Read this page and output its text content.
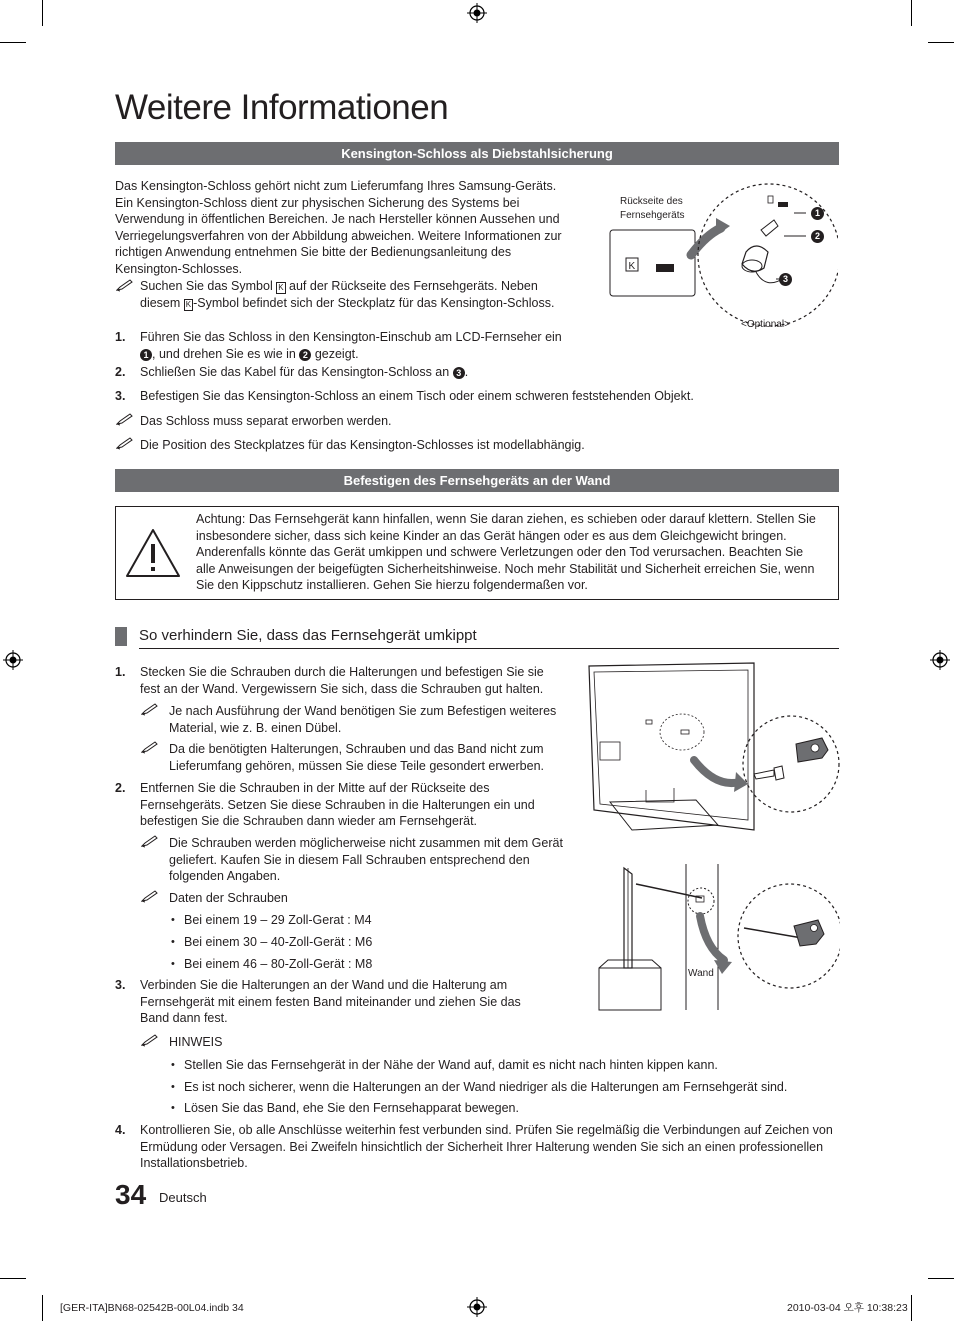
Weitere Informationen
Kensington-Schloss als Diebstahlsicherung

Das Kensington-Schloss gehört nicht zum Lieferumfang Ihres Samsung-Geräts. Ein Kensington-Schloss dient zur physischen Sicherung des Systems bei Verwendung in öffentlichen Bereichen. Je nach Hersteller können Aussehen und Verriegelungsverfahren von der Abbildung abweichen. Weitere Informationen zur richtigen Anwendung entnehmen Sie bitte der Bedienungsanleitung des Kensington-Schlosses.

Suchen Sie das Symbol K auf der Rückseite des Fernsehgeräts. Neben diesem K -Symbol befindet sich der Steckplatz für das Kensington-Schloss.

1. Führen Sie das Schloss in den Kensington-Einschub am LCD-Fernseher ein 1 , und drehen Sie es wie in 2 gezeigt.

2. Schließen Sie das Kabel für das Kensington-Schloss an 3 .

3. Befestigen Sie das Kensington-Schloss an einem Tisch oder einem schweren feststehenden Objekt.

Das Schloss muss separat erworben werden.

Die Position des Steckplatzes für das Kensington-Schlosses ist modellabhängig.

Rückseite des
Fernsehgeräts
K
1
2
3
<Optional>
Befestigen des Fernsehgeräts an der Wand

Achtung: Das Fernsehgerät kann hinfallen, wenn Sie daran ziehen, es schieben oder darauf klettern. Stellen Sie insbesondere sicher, dass sich keine Kinder an das Gerät hängen oder es aus dem Gleichgewicht bringen. Anderenfalls könnte das Gerät umkippen und schwere Verletzungen oder den Tod verursachen. Beachten Sie alle Anweisungen der beigefügten Sicherheitshinweise. Noch mehr Stabilität und Sicherheit erreichen Sie, wenn Sie den Kippschutz installieren. Gehen Sie hierzu folgendermaßen vor.

So verhindern Sie, dass das Fernsehgerät umkippt
1. Stecken Sie die Schrauben durch die Halterungen und befestigen Sie sie fest an der Wand. Vergewissern Sie sich, dass die Schrauben gut halten.

Je nach Ausführung der Wand benötigen Sie zum Befestigen weiteres Material, wie z. B. einen Dübel.

Da die benötigten Halterungen, Schrauben und das Band nicht zum Lieferumfang gehören, müssen Sie diese Teile gesondert erwerben.

2. Entfernen Sie die Schrauben in der Mitte auf der Rückseite des Fernsehgeräts. Setzen Sie diese Schrauben in die Halterungen ein und befestigen Sie die Schrauben dann wieder am Fernsehgerät.

Die Schrauben werden möglicherweise nicht zusammen mit dem Gerät geliefert. Kaufen Sie in diesem Fall Schrauben entsprechend den folgenden Angaben.

Daten der Schrauben

• Bei einem 19 – 29 Zoll-Gerat : M4

• Bei einem 30 – 40-Zoll-Gerät : M6

• Bei einem 46 – 80-Zoll-Gerät : M8

3. Verbinden Sie die Halterungen an der Wand und die Halterung am Fernsehgerät mit einem festen Band miteinander und ziehen Sie das Band dann fest.

HINWEIS

• Stellen Sie das Fernsehgerät in der Nähe der Wand auf, damit es nicht nach hinten kippen kann.

• Es ist noch sicherer, wenn die Halterungen an der Wand niedriger als die Halterungen am Fernsehgerät sind.

• Lösen Sie das Band, ehe Sie den Fernsehapparat bewegen.

4. Kontrollieren Sie, ob alle Anschlüsse weiterhin fest verbunden sind. Prüfen Sie regelmäßig die Verbindungen auf Zeichen von Ermüdung oder Versagen. Bei Zweifeln hinsichtlich der Sicherheit Ihrer Halterung wenden Sie sich an einen professionellen Installationsbetrieb.

Wand
34 Deutsch
[GER-ITA]BN68-02542B-00L04.indb 34	2010-03-04 오후 10:38:23
